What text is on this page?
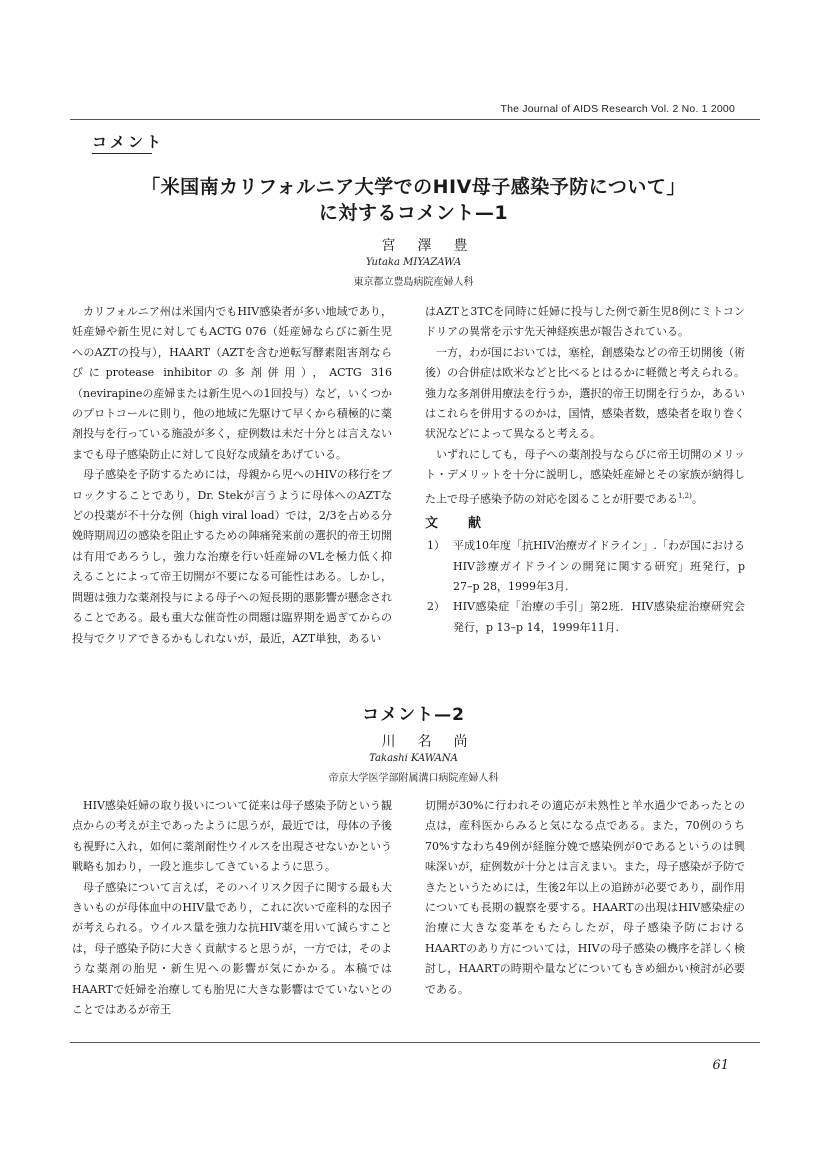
The Journal of AIDS Research Vol. 2 No. 1 2000
コメント
「米国南カリフォルニア大学でのHIV母子感染予防について」
に対するコメント—1
宮澤豊
Yutaka MIYAZAWA
東京都立豊島病院産婦人科

カリフォルニア州は米国内でもHIV感染者が多い地域であり，妊産婦や新生児に対してもACTG 076（妊産婦ならびに新生児へのAZTの投与），HAART（AZTを含む逆転写酵素阻害剤ならびにprotease inhibitorの多剤併用），ACTG 316（nevirapineの産婦または新生児への1回投与）など，いくつかのプロトコールに則り，他の地域に先駆けて早くから積極的に薬剤投与を行っている施設が多く，症例数は未だ十分とは言えないまでも母子感染防止に対して良好な成績をあげている。

母子感染を予防するためには，母親から児へのHIVの移行をブロックすることであり，Dr. Stekが言うように母体へのAZTなどの投薬が不十分な例（high viral load）では，2/3を占める分娩時期周辺の感染を阻止するための陣痛発来前の選択的帝王切開は有用であろうし，強力な治療を行い妊産婦のVLを極力低く抑えることによって帝王切開が不要になる可能性はある。しかし，問題は強力な薬剤投与による母子への短長期的悪影響が懸念されることである。最も重大な催奇性の問題は臨界期を過ぎてからの投与でクリアできるかもしれないが，最近，AZT単独，あるい

はAZTと3TCを同時に妊婦に投与した例で新生児8例にミトコンドリアの異常を示す先天神経疾患が報告されている。

一方，わが国においては，塞栓，創感染などの帝王切開後（術後）の合併症は欧米などと比べるとはるかに軽微と考えられる。強力な多剤併用療法を行うか，選択的帝王切開を行うか，あるいはこれらを併用するのかは，国情，感染者数，感染者を取り巻く状況などによって異なると考える。

いずれにしても，母子への薬剤投与ならびに帝王切開のメリット・デメリットを十分に説明し，感染妊産婦とその家族が納得した上で母子感染予防の対応を図ることが肝要である$^{1,2)}$。

文献
1） 平成10年度「抗HIV治療ガイドライン」.「わが国におけるHIV診療ガイドラインの開発に関する研究」班発行，p 27–p 28，1999年3月.
2） HIV感染症「治療の手引」第2班．HIV感染症治療研究会発行，p 13–p 14，1999年11月.
コメント—2
川名尚
Takashi KAWANA
帝京大学医学部附属溝口病院産婦人科

HIV感染妊婦の取り扱いについて従来は母子感染予防という観点からの考えが主であったように思うが，最近では，母体の予後も視野に入れ，如何に薬剤耐性ウイルスを出現させないかという戦略も加わり，一段と進歩してきているように思う。

母子感染について言えば，そのハイリスク因子に関する最も大きいものが母体血中のHIV量であり，これに次いで産科的な因子が考えられる。ウイルス量を強力な抗HIV薬を用いて減らすことは，母子感染予防に大きく貢献すると思うが，一方では，そのような薬剤の胎児・新生児への影響が気にかかる。本稿ではHAARTで妊婦を治療しても胎児に大きな影響はでていないとのことではあるが帝王

切開が30%に行われその適応が未熟性と羊水過少であったとの点は，産科医からみると気になる点である。また，70例のうち70%すなわち49例が経膣分娩で感染例が0であるというのは興味深いが，症例数が十分とは言えまい。また，母子感染が予防できたというためには，生後2年以上の追跡が必要であり，副作用についても長期の観察を要する。HAARTの出現はHIV感染症の治療に大きな変革をもたらしたが，母子感染予防におけるHAARTのあり方については，HIVの母子感染の機序を詳しく検討し，HAARTの時期や量などについてもきめ細かい検討が必要である。

61
